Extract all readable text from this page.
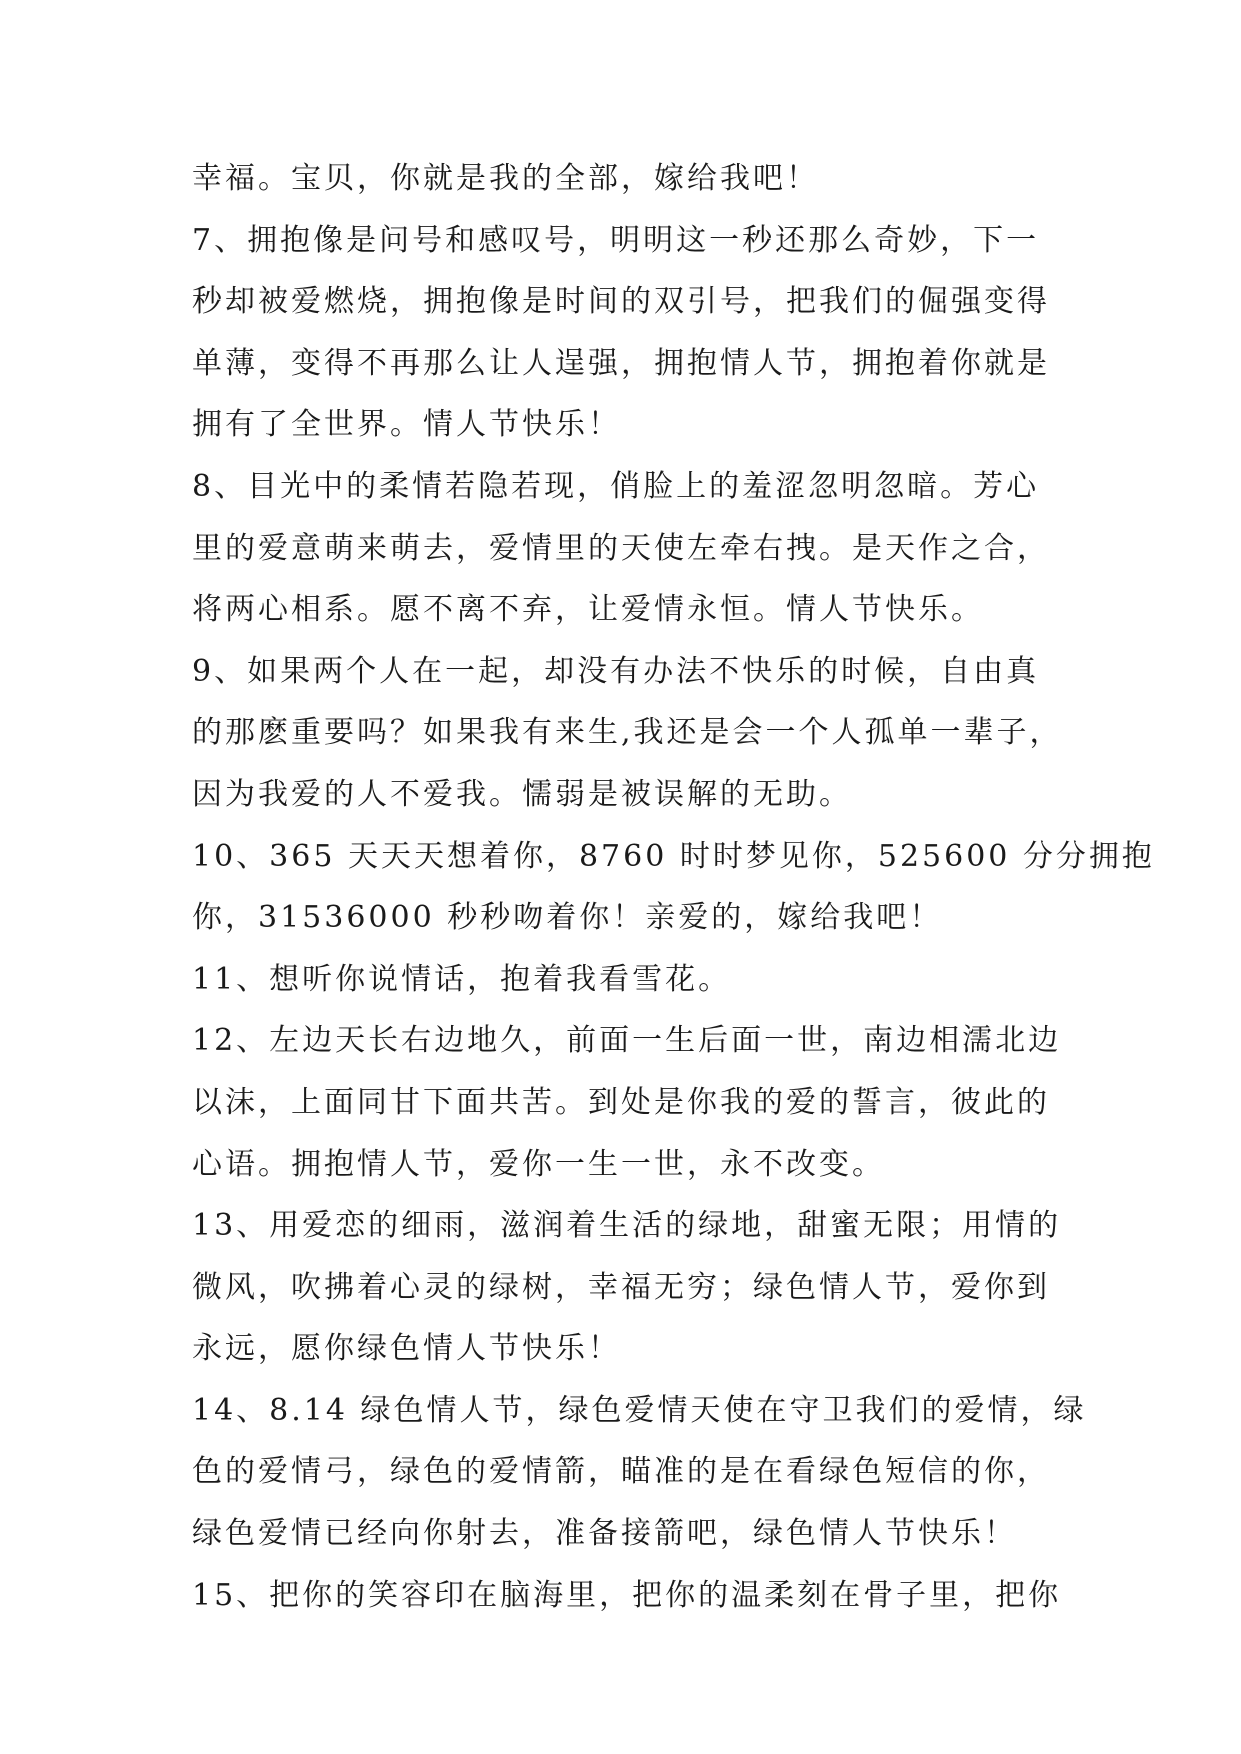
幸福。宝贝，你就是我的全部，嫁给我吧！
7、拥抱像是问号和感叹号，明明这一秒还那么奇妙，下一
秒却被爱燃烧，拥抱像是时间的双引号，把我们的倔强变得
单薄，变得不再那么让人逞强，拥抱情人节，拥抱着你就是
拥有了全世界。情人节快乐！
8、目光中的柔情若隐若现，俏脸上的羞涩忽明忽暗。芳心
里的爱意萌来萌去，爱情里的天使左牵右拽。是天作之合，
将两心相系。愿不离不弃，让爱情永恒。情人节快乐。
9、如果两个人在一起，却没有办法不快乐的时候，自由真
的那麽重要吗？如果我有来生,我还是会一个人孤单一辈子，
因为我爱的人不爱我。懦弱是被误解的无助。
10、365 天天天想着你，8760 时时梦见你，525600 分分拥抱
你，31536000 秒秒吻着你！亲爱的，嫁给我吧！
11、想听你说情话，抱着我看雪花。
12、左边天长右边地久，前面一生后面一世，南边相濡北边
以沫，上面同甘下面共苦。到处是你我的爱的誓言，彼此的
心语。拥抱情人节，爱你一生一世，永不改变。
13、用爱恋的细雨，滋润着生活的绿地，甜蜜无限；用情的
微风，吹拂着心灵的绿树，幸福无穷；绿色情人节，爱你到
永远，愿你绿色情人节快乐！
14、8.14 绿色情人节，绿色爱情天使在守卫我们的爱情，绿
色的爱情弓，绿色的爱情箭，瞄准的是在看绿色短信的你，
绿色爱情已经向你射去，准备接箭吧，绿色情人节快乐！
15、把你的笑容印在脑海里，把你的温柔刻在骨子里，把你
